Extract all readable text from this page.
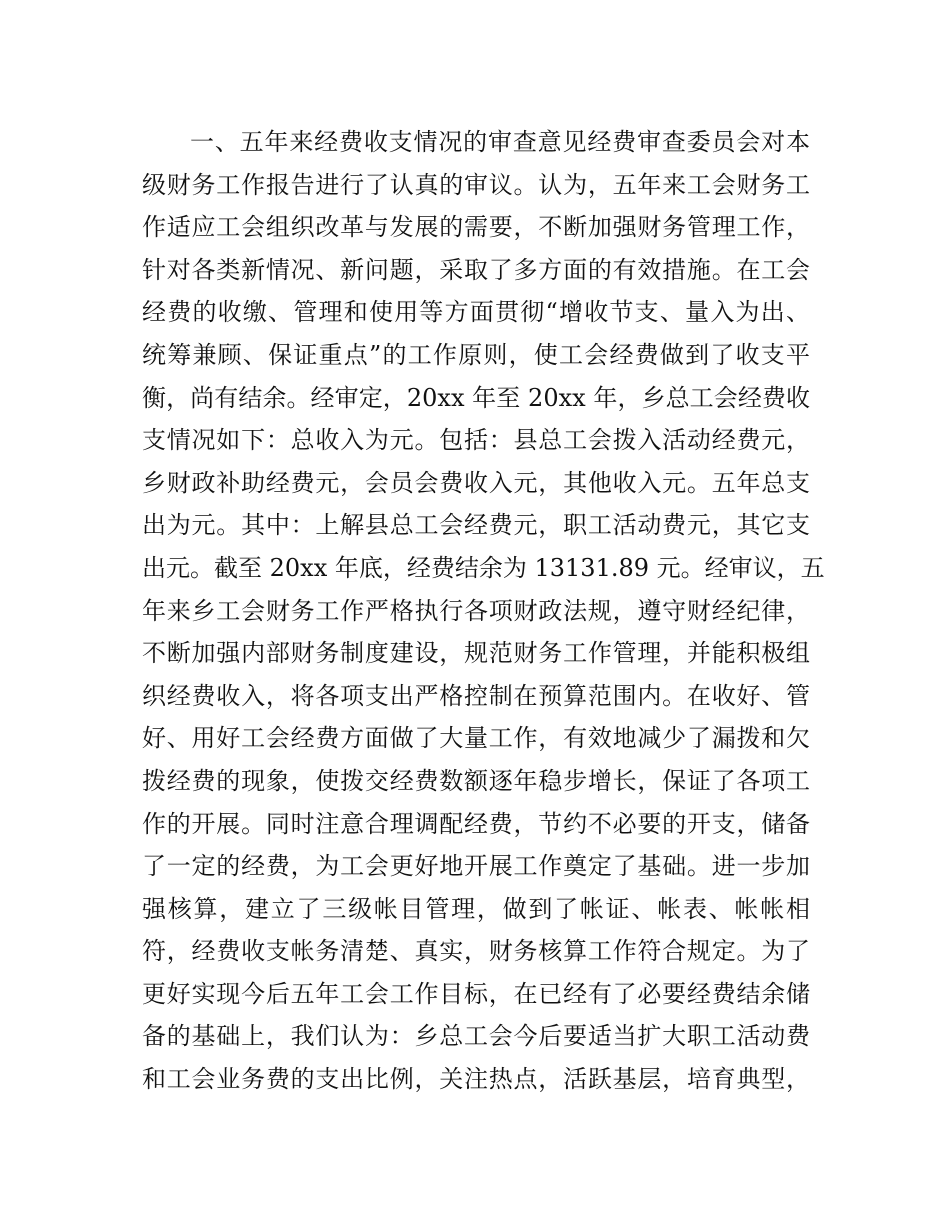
一、五年来经费收支情况的审查意见经费审查委员会对本
级财务工作报告进行了认真的审议。认为，五年来工会财务工
作适应工会组织改革与发展的需要，不断加强财务管理工作，
针对各类新情况、新问题，采取了多方面的有效措施。在工会
经费的收缴、管理和使用等方面贯彻“增收节支、量入为出、
统筹兼顾、保证重点”的工作原则，使工会经费做到了收支平
衡，尚有结余。经审定，20xx 年至 20xx 年，乡总工会经费收
支情况如下：总收入为元。包括：县总工会拨入活动经费元，
乡财政补助经费元，会员会费收入元，其他收入元。五年总支
出为元。其中：上解县总工会经费元，职工活动费元，其它支
出元。截至 20xx 年底，经费结余为 13131.89 元。经审议，五
年来乡工会财务工作严格执行各项财政法规，遵守财经纪律，
不断加强内部财务制度建设，规范财务工作管理，并能积极组
织经费收入，将各项支出严格控制在预算范围内。在收好、管
好、用好工会经费方面做了大量工作，有效地减少了漏拨和欠
拨经费的现象，使拨交经费数额逐年稳步增长，保证了各项工
作的开展。同时注意合理调配经费，节约不必要的开支，储备
了一定的经费，为工会更好地开展工作奠定了基础。进一步加
强核算，建立了三级帐目管理，做到了帐证、帐表、帐帐相
符，经费收支帐务清楚、真实，财务核算工作符合规定。为了
更好实现今后五年工会工作目标，在已经有了必要经费结余储
备的基础上，我们认为：乡总工会今后要适当扩大职工活动费
和工会业务费的支出比例，关注热点，活跃基层，培育典型，
